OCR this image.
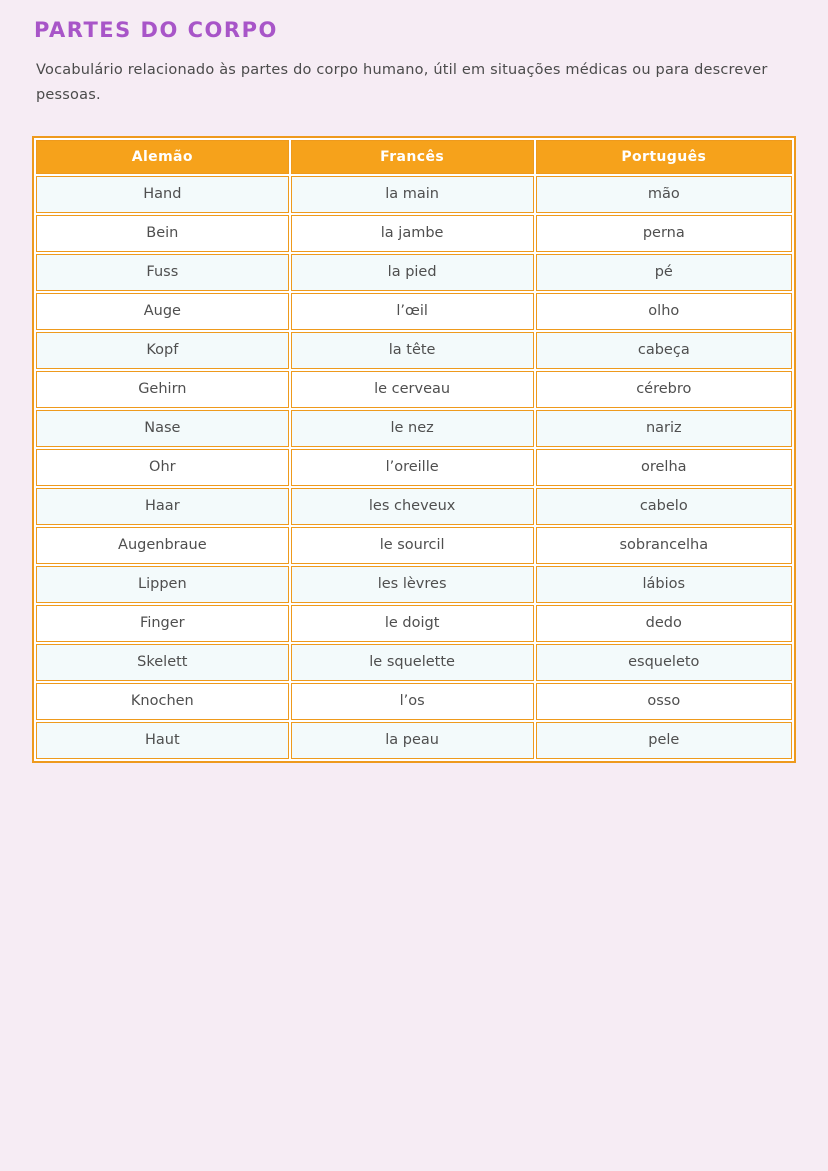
PARTES DO CORPO

Vocabulário relacionado às partes do corpo humano, útil em situações médicas ou para descrever pessoas.

Alemão	Francês	Português
Hand	la main	mão
Bein	la jambe	perna
Fuss	la pied	pé
Auge	l’œil	olho
Kopf	la tête	cabeça
Gehirn	le cerveau	cérebro
Nase	le nez	nariz
Ohr	l’oreille	orelha
Haar	les cheveux	cabelo
Augenbraue	le sourcil	sobrancelha
Lippen	les lèvres	lábios
Finger	le doigt	dedo
Skelett	le squelette	esqueleto
Knochen	l’os	osso
Haut	la peau	pele
